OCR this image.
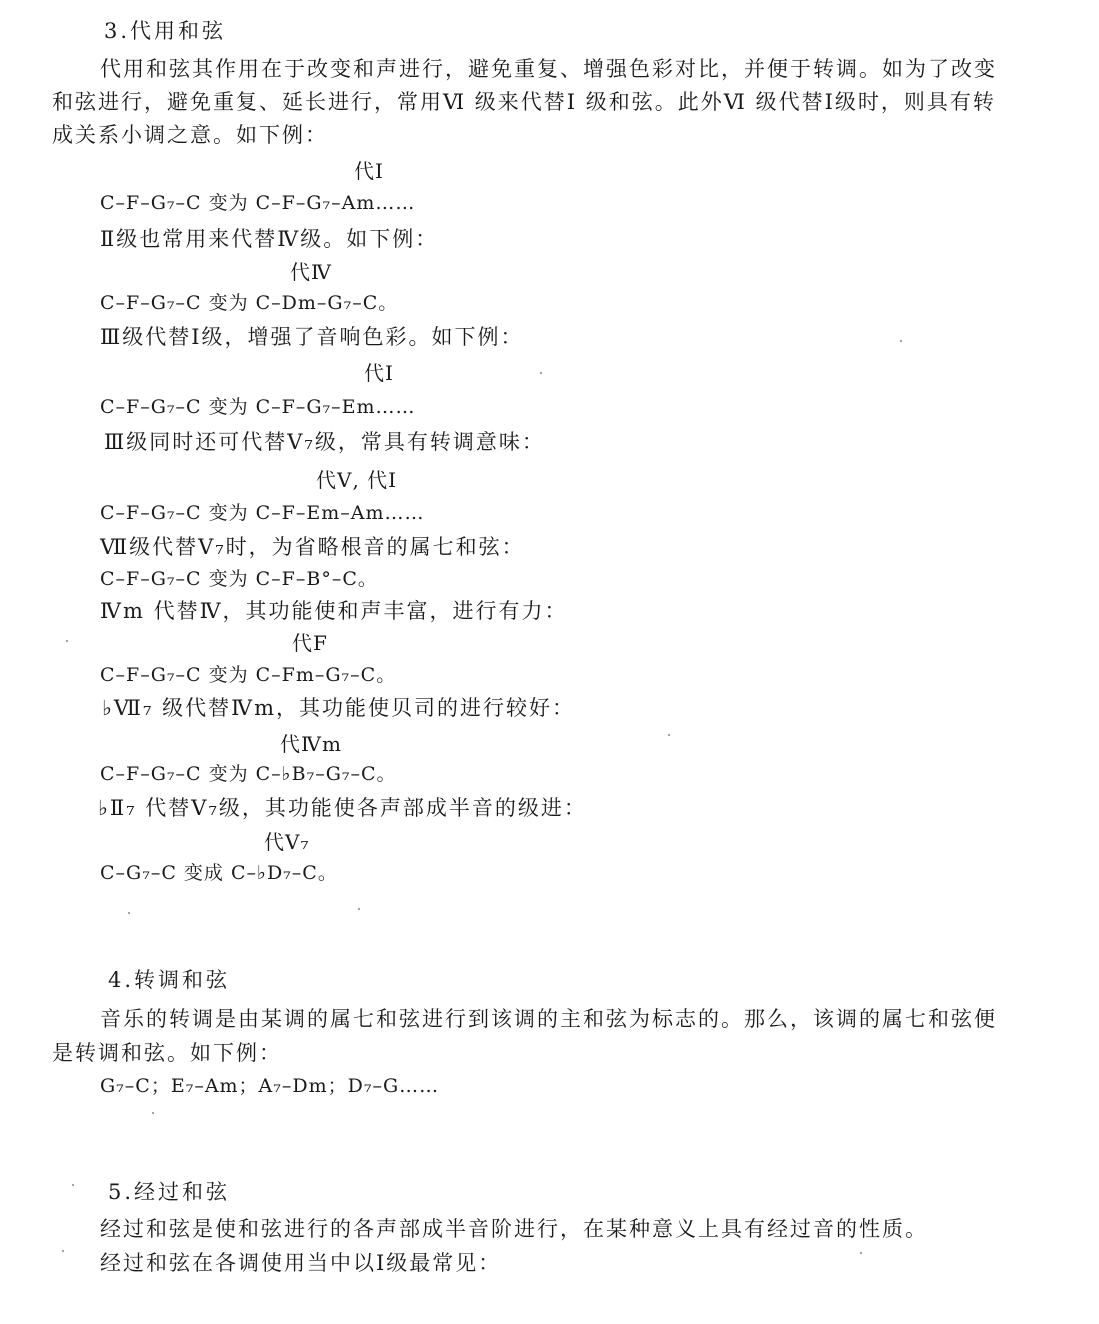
3.代用和弦
代用和弦其作用在于改变和声进行，避免重复、增强色彩对比，并便于转调。如为了改变
和弦进行，避免重复、延长进行，常用Ⅵ 级来代替Ⅰ 级和弦。此外Ⅵ 级代替Ⅰ级时，则具有转
成关系小调之意。如下例：
代Ⅰ
C–F–G₇–C 变为 C–F–G₇–Am……
Ⅱ级也常用来代替Ⅳ级。如下例：
代Ⅳ
C–F–G₇–C 变为 C–Dm–G₇–C。
Ⅲ级代替Ⅰ级，增强了音响色彩。如下例：
代Ⅰ
C–F–G₇–C 变为 C–F–G₇–Em……
Ⅲ级同时还可代替Ⅴ₇级，常具有转调意味：
代Ⅴ, 代Ⅰ
C–F–G₇–C 变为 C–F–Em–Am……
Ⅶ级代替Ⅴ₇时，为省略根音的属七和弦：
C–F–G₇–C 变为 C–F–B°–C。
Ⅳm 代替Ⅳ，其功能使和声丰富，进行有力：
代F
C–F–G₇–C 变为 C–Fm–G₇–C。
♭Ⅶ₇ 级代替Ⅳm，其功能使贝司的进行较好：
代Ⅳm
C–F–G₇–C 变为 C–♭B₇–G₇–C。
♭Ⅱ₇ 代替Ⅴ₇级，其功能使各声部成半音的级进：
代Ⅴ₇
C–G₇–C 变成 C–♭D₇–C。
4.转调和弦
音乐的转调是由某调的属七和弦进行到该调的主和弦为标志的。那么，该调的属七和弦便
是转调和弦。如下例：
G₇–C；E₇–Am；A₇–Dm；D₇–G……
5.经过和弦
经过和弦是使和弦进行的各声部成半音阶进行，在某种意义上具有经过音的性质。
经过和弦在各调使用当中以Ⅰ级最常见：
